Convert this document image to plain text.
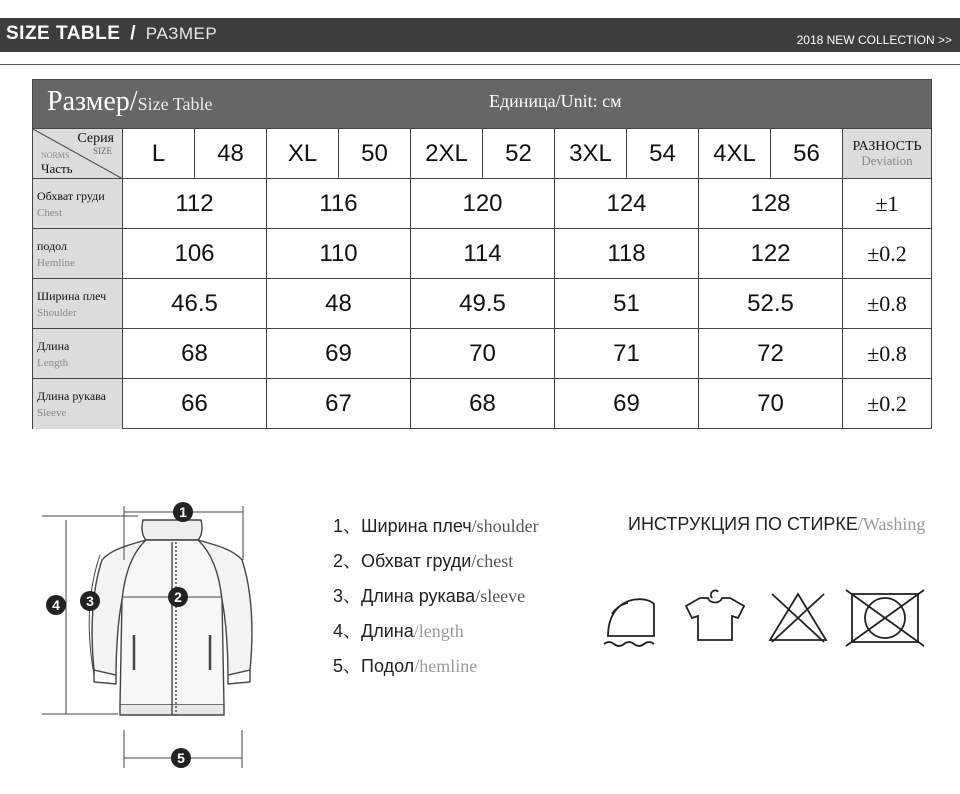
SIZE TABLE / РАЗМЕР	2018 NEW COLLECTION >>
Размер/Size Table	Единица/Unit: см
Серия
SIZE
NORMS
Часть
L	48	XL	50	2XL	52	3XL	54	4XL	56	РАЗНОСТЬ
Deviation
Обхват груди
Chest	112	116	120	124	128	±1
подол
Hemline	106	110	114	118	122	±0.2
Ширина плеч
Shoulder	46.5	48	49.5	51	52.5	±0.8
Длина
Length	68	69	70	71	72	±0.8
Длина рукава
Sleeve	66	67	68	69	70	±0.2
1
2
3
4
5
1、Ширина плеч/shoulder
2、Обхват груди/chest
3、Длина рукава/sleeve
4、Длина/length
5、Подол/hemline
ИНСТРУКЦИЯ ПО СТИРКЕ/Washing
